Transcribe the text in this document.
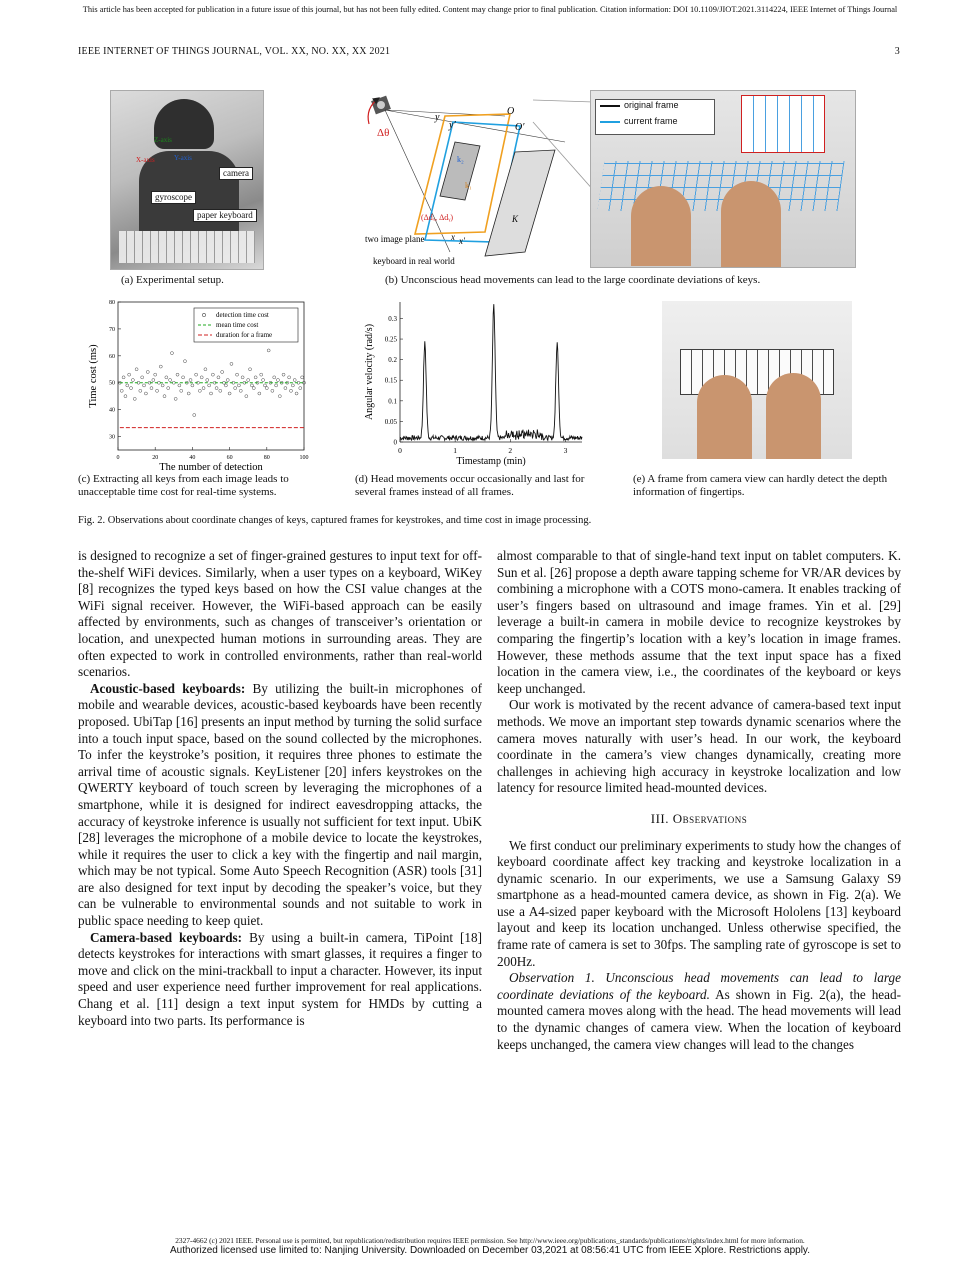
This article has been accepted for publication in a future issue of this journal, but has not been fully edited. Content may change prior to final publication. Citation information: DOI 10.1109/JIOT.2021.3114224, IEEE Internet of Things Journal
IEEE INTERNET OF THINGS JOURNAL, VOL. XX, NO. XX, XX 2021	3
Z-axis
Y-axis
X-axis
camera
gyroscope
paper keyboard
(a) Experimental setup.
Δθ
y
y′
O
O′
K
k₂
k₁
(Δdₓ, Δdᵧ)
x x′
two image plane
keyboard in real world
original frame
current frame
(b) Unconscious head movements can lead to the large coordinate deviations of keys.
0	20	40	60	80	100
30
40
50
60
70
80
The number of detection
Time cost (ms)
detection time cost
mean time cost
duration for a frame
(c) Extracting all keys from each image leads to unacceptable time cost for real-time systems.
0	1	2	3
0
0.05
0.1
0.15
0.2
0.25
0.3
Timestamp (min)
Angular velocity (rad/s)
(d) Head movements occur occasionally and last for several frames instead of all frames.
(e) A frame from camera view can hardly detect the depth information of fingertips.
Fig. 2. Observations about coordinate changes of keys, captured frames for keystrokes, and time cost in image processing.

is designed to recognize a set of finger-grained gestures to input text for off-the-shelf WiFi devices. Similarly, when a user types on a keyboard, WiKey [8] recognizes the typed keys based on how the CSI value changes at the WiFi signal receiver. However, the WiFi-based approach can be easily affected by environments, such as changes of transceiver’s orientation or location, and unexpected human motions in surrounding areas. They are often expected to work in controlled environments, rather than real-world scenarios.

Acoustic-based keyboards: By utilizing the built-in microphones of mobile and wearable devices, acoustic-based keyboards have been recently proposed. UbiTap [16] presents an input method by turning the solid surface into a touch input space, based on the sound collected by the microphones. To infer the keystroke’s position, it requires three phones to estimate the arrival time of acoustic signals. KeyListener [20] infers keystrokes on the QWERTY keyboard of touch screen by leveraging the microphones of a smartphone, while it is designed for indirect eavesdropping attacks, the accuracy of keystroke inference is usually not sufficient for text input. UbiK [28] leverages the microphone of a mobile device to locate the keystrokes, while it requires the user to click a key with the fingertip and nail margin, which may be not typical. Some Auto Speech Recognition (ASR) tools [31] are also designed for text input by decoding the speaker’s voice, but they can be vulnerable to environmental sounds and not suitable to work in public space needing to keep quiet.

Camera-based keyboards: By using a built-in camera, TiPoint [18] detects keystrokes for interactions with smart glasses, it requires a finger to move and click on the mini-trackball to input a character. However, its input speed and user experience need further improvement for real applications. Chang et al. [11] design a text input system for HMDs by cutting a keyboard into two parts. Its performance is

almost comparable to that of single-hand text input on tablet computers. K. Sun et al. [26] propose a depth aware tapping scheme for VR/AR devices by combining a microphone with a COTS mono-camera. It enables tracking of user’s fingers based on ultrasound and image frames. Yin et al. [29] leverage a built-in camera in mobile device to recognize keystrokes by comparing the fingertip’s location with a key’s location in image frames. However, these methods assume that the text input space has a fixed location in the camera view, i.e., the coordinates of the keyboard or keys keep unchanged.

Our work is motivated by the recent advance of camera-based text input methods. We move an important step towards dynamic scenarios where the camera moves naturally with user’s head. In our work, the keyboard coordinate in the camera’s view changes dynamically, creating more challenges in achieving high accuracy in keystroke localization and low latency for resource limited head-mounted devices.

III. Observations

We first conduct our preliminary experiments to study how the changes of keyboard coordinate affect key tracking and keystroke localization in a dynamic scenario. In our experiments, we use a Samsung Galaxy S9 smartphone as a head-mounted camera device, as shown in Fig. 2(a). We use a A4-sized paper keyboard with the Microsoft Hololens [13] keyboard layout and keep its location unchanged. Unless otherwise specified, the frame rate of camera is set to 30fps. The sampling rate of gyroscope is set to 200Hz.

Observation 1. Unconscious head movements can lead to large coordinate deviations of the keyboard. As shown in Fig. 2(a), the head-mounted camera moves along with the head. The head movements will lead to the dynamic changes of camera view. When the location of keyboard keeps unchanged, the camera view changes will lead to the changes

2327-4662 (c) 2021 IEEE. Personal use is permitted, but republication/redistribution requires IEEE permission. See http://www.ieee.org/publications_standards/publications/rights/index.html for more information.
Authorized licensed use limited to: Nanjing University. Downloaded on December 03,2021 at 08:56:41 UTC from IEEE Xplore. Restrictions apply.
